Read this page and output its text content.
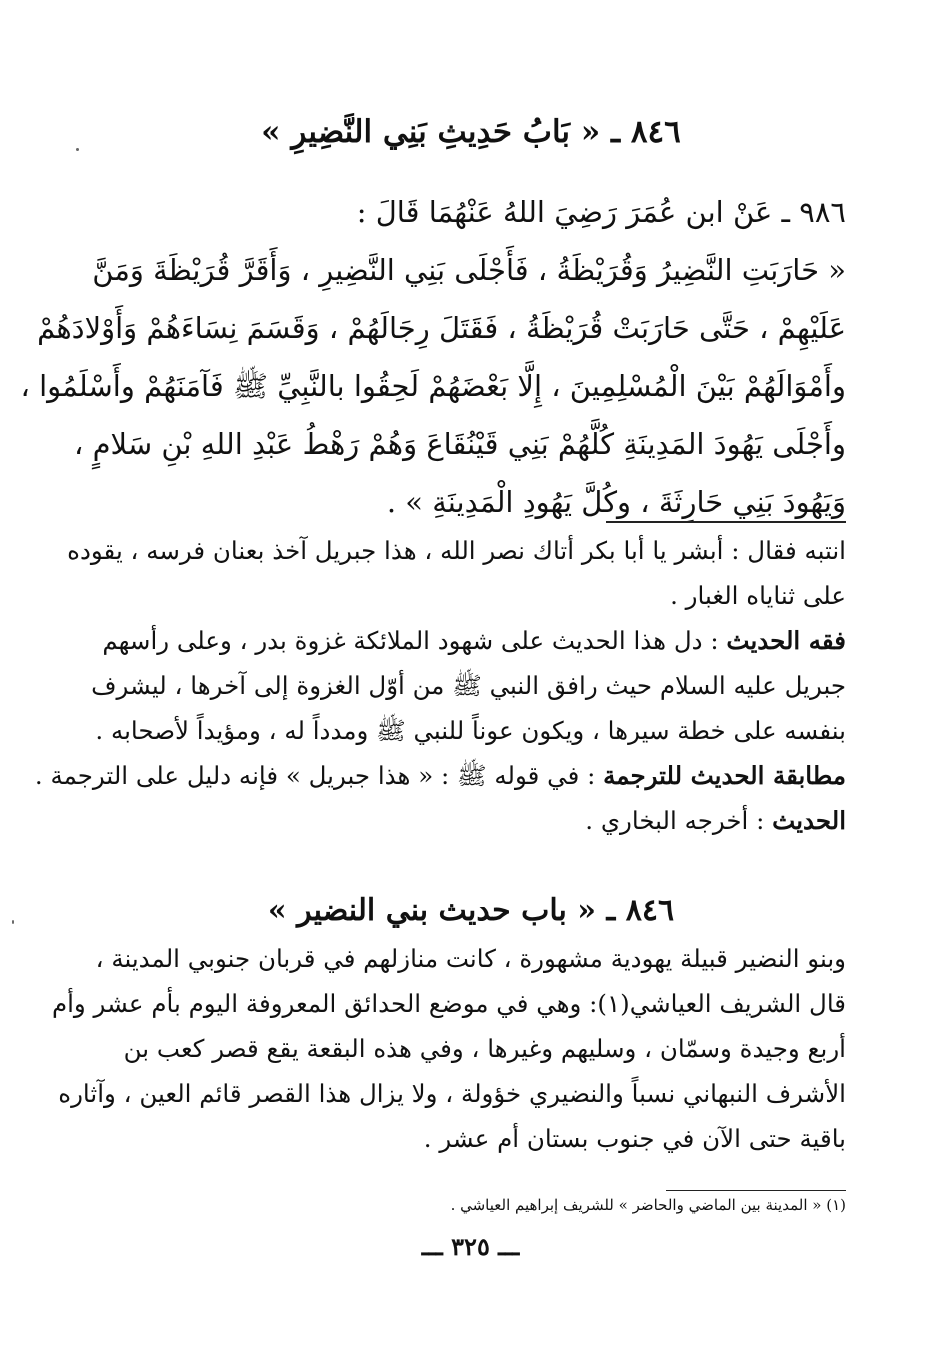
٨٤٦ ـ « بَابُ حَدِيثِ بَنِي النَّضِيرِ »
٩٨٦ ـ عَنْ ابن عُمَرَ رَضِيَ اللهُ عَنْهُمَا قَالَ :
« حَارَبَتِ النَّضِيرُ وَقُرَيْظَةُ ، فَأَجْلَى بَنِي النَّضِيرِ ، وَأَقَرَّ قُرَيْظَةَ وَمَنَّ
عَلَيْهِمْ ، حَتَّى حَارَبَتْ قُرَيْظَةُ ، فَقَتَلَ رِجَالَهُمْ ، وَقَسَمَ نِسَاءَهُمْ وَأَوْلادَهُمْ
وأَمْوَالَهُمْ بَيْنَ الْمُسْلِمِينَ ، إِلَّا بَعْضَهُمْ لَحِقُوا بالنَّبِيِّ ﷺ فَآمَنَهُمْ وأَسْلَمُوا ،
وأَجْلَى يَهُودَ المَدِينَةِ كُلَّهُمْ بَنِي قَيْنُقَاعَ وَهُمْ رَهْطُ عَبْدِ اللهِ بْنِ سَلامٍ ،
وَيَهُودَ بَنِي حَارِثَةَ ، وكُلَّ يَهُودِ الْمَدِينَةِ » .
انتبه فقال : أبشر يا أبا بكر أتاك نصر الله ، هذا جبريل آخذ بعنان فرسه ، يقوده
على ثناياه الغبار .
فقه الحديث : دل هذا الحديث على شهود الملائكة غزوة بدر ، وعلى رأسهم
جبريل عليه السلام حيث رافق النبي ﷺ من أوّل الغزوة إلى آخرها ، ليشرف
بنفسه على خطة سيرها ، ويكون عوناً للنبي ﷺ ومدداً له ، ومؤيداً لأصحابه .
مطابقة الحديث للترجمة : في قوله ﷺ : « هذا جبريل » فإنه دليل على الترجمة .
الحديث : أخرجه البخاري .
٨٤٦ ـ « باب حديث بني النضير »
وبنو النضير قبيلة يهودية مشهورة ، كانت منازلهم في قربان جنوبي المدينة ،
قال الشريف العياشي(١): وهي في موضع الحدائق المعروفة اليوم بأم عشر وأم
أربع وجيدة وسمّان ، وسليهم وغيرها ، وفي هذه البقعة يقع قصر كعب بن
الأشرف النبهاني نسباً والنضيري خؤولة ، ولا يزال هذا القصر قائم العين ، وآثاره
باقية حتى الآن في جنوب بستان أم عشر .
(١) « المدينة بين الماضي والحاضر » للشريف إبراهيم العياشي .
ـــ ٣٢٥ ـــ
